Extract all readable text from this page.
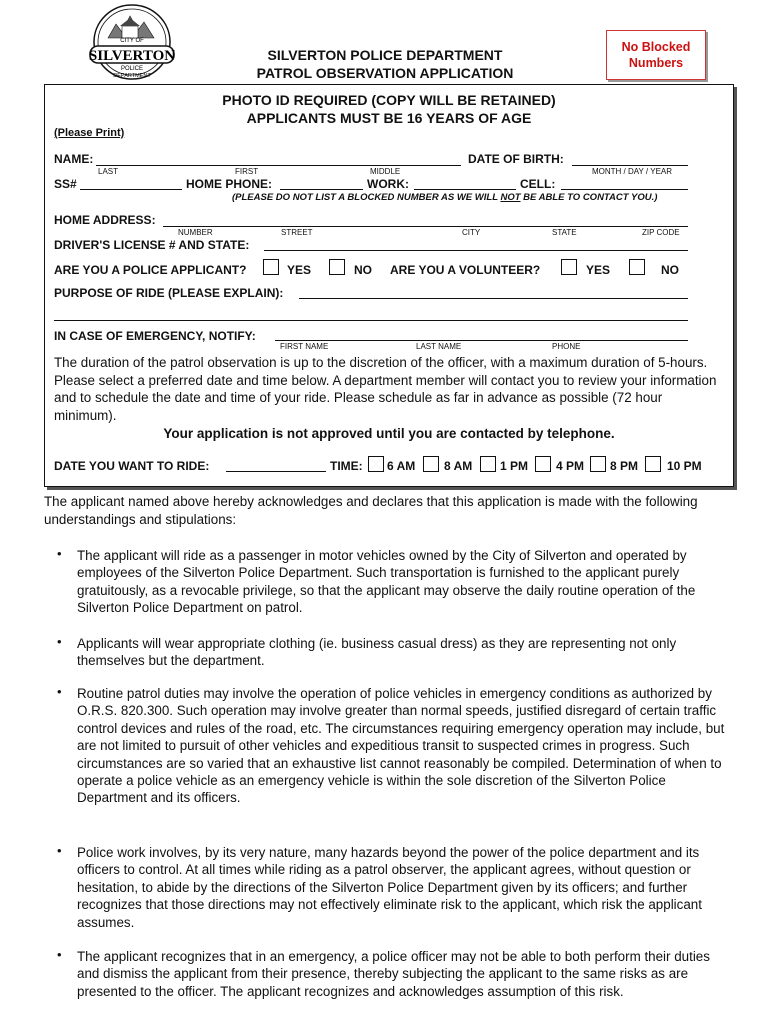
CITY OF
SILVERTON
POLICE
DEPARTMENT
SILVERTON POLICE DEPARTMENT
PATROL OBSERVATION APPLICATION
No Blocked
Numbers
PHOTO ID REQUIRED (COPY WILL BE RETAINED)
APPLICANTS MUST BE 16 YEARS OF AGE
(Please Print)
NAME:	DATE OF BIRTH:
LAST	FIRST	MIDDLE	MONTH / DAY / YEAR
SS#	HOME PHONE:	WORK:	CELL:
(PLEASE DO NOT LIST A BLOCKED NUMBER AS WE WILL NOT BE ABLE TO CONTACT YOU.)
HOME ADDRESS:
NUMBER	STREET	CITY	STATE	ZIP CODE
DRIVER'S LICENSE # AND STATE:
ARE YOU A POLICE APPLICANT?	YES	NO ARE YOU A VOLUNTEER?	YES	NO
PURPOSE OF RIDE (PLEASE EXPLAIN):
IN CASE OF EMERGENCY, NOTIFY:
FIRST NAME	LAST NAME	PHONE
The duration of the patrol observation is up to the discretion of the officer, with a maximum duration of 5-hours. Please select a preferred date and time below. A department member will contact you to review your information and to schedule the date and time of your ride. Please schedule as far in advance as possible (72 hour minimum).
Your application is not approved until you are contacted by telephone.
DATE YOU WANT TO RIDE:	TIME: 6 AM 8 AM 1 PM 4 PM 8 PM 10 PM
The applicant named above hereby acknowledges and declares that this application is made with the following understandings and stipulations:
• The applicant will ride as a passenger in motor vehicles owned by the City of Silverton and operated by employees of the Silverton Police Department. Such transportation is furnished to the applicant purely gratuitously, as a revocable privilege, so that the applicant may observe the daily routine operation of the Silverton Police Department on patrol.
• Applicants will wear appropriate clothing (ie. business casual dress) as they are representing not only themselves but the department.
• Routine patrol duties may involve the operation of police vehicles in emergency conditions as authorized by O.R.S. 820.300. Such operation may involve greater than normal speeds, justified disregard of certain traffic control devices and rules of the road, etc. The circumstances requiring emergency operation may include, but are not limited to pursuit of other vehicles and expeditious transit to suspected crimes in progress. Such circumstances are so varied that an exhaustive list cannot reasonably be compiled. Determination of when to operate a police vehicle as an emergency vehicle is within the sole discretion of the Silverton Police Department and its officers.
• Police work involves, by its very nature, many hazards beyond the power of the police department and its officers to control. At all times while riding as a patrol observer, the applicant agrees, without question or hesitation, to abide by the directions of the Silverton Police Department given by its officers; and further recognizes that those directions may not effectively eliminate risk to the applicant, which risk the applicant assumes.
• The applicant recognizes that in an emergency, a police officer may not be able to both perform their duties and dismiss the applicant from their presence, thereby subjecting the applicant to the same risks as are presented to the officer. The applicant recognizes and acknowledges assumption of this risk.
